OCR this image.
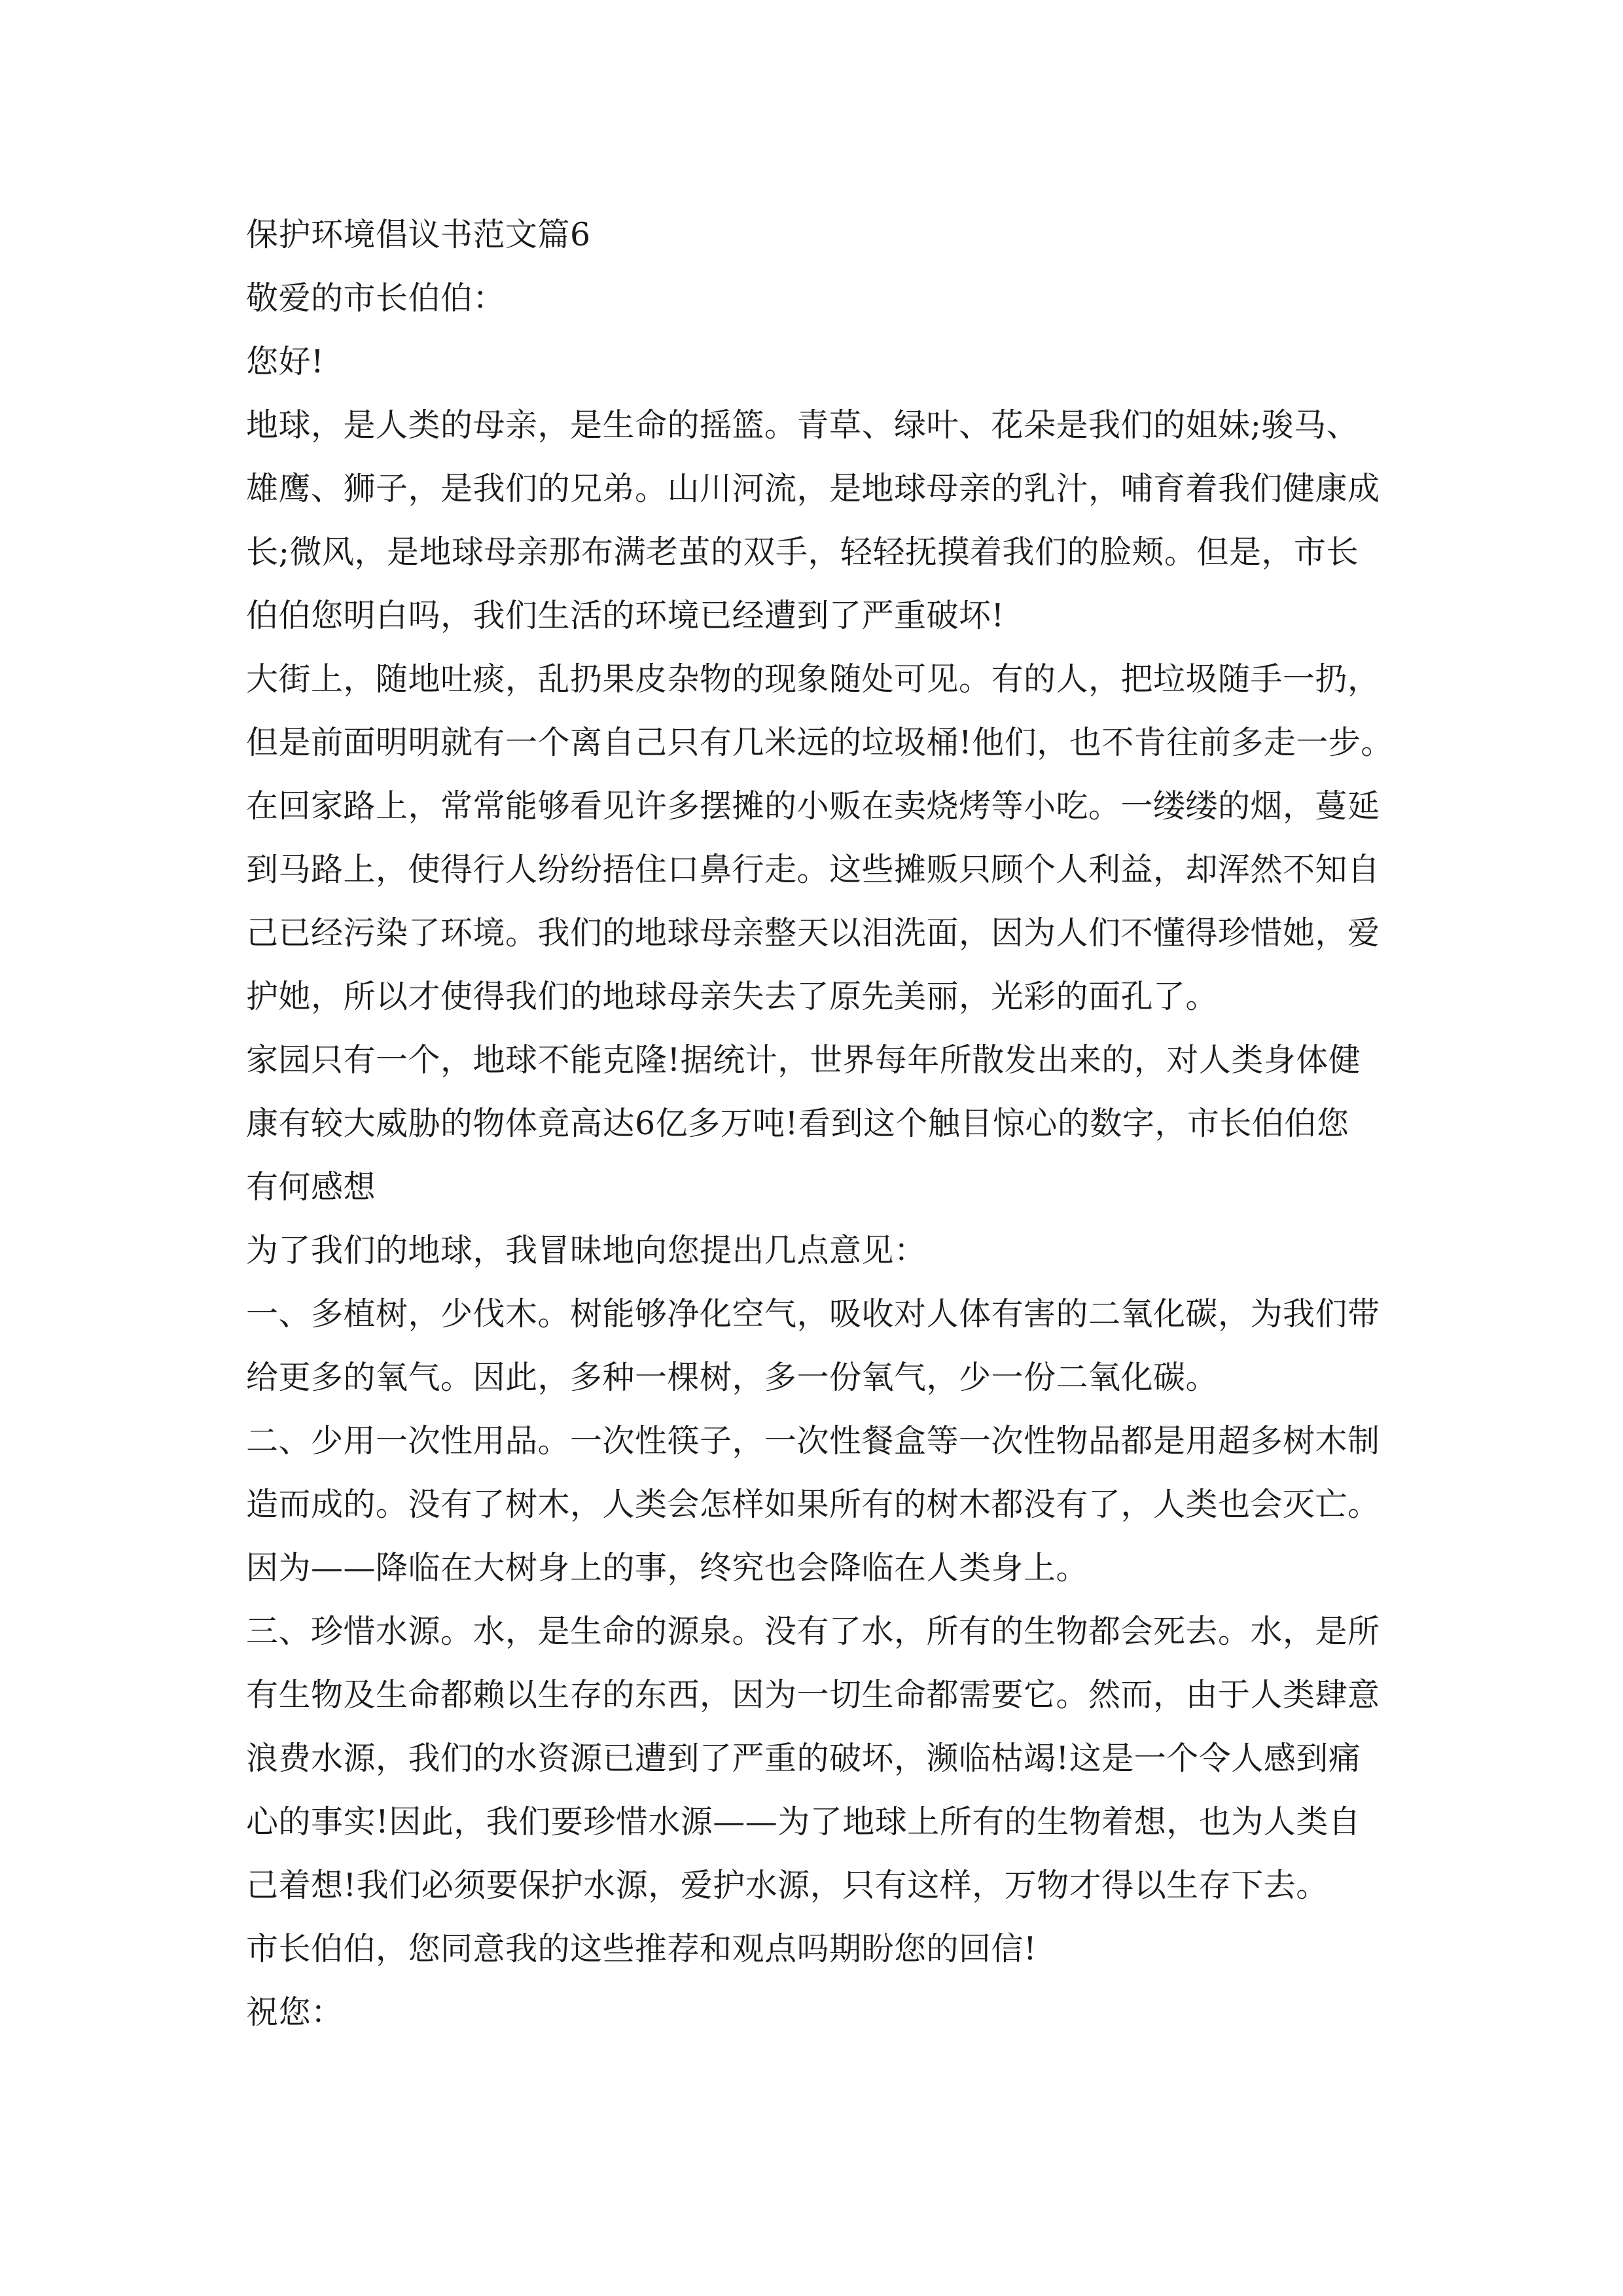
保护环境倡议书范文篇6

敬爱的市长伯伯：

您好!

地球，是人类的母亲，是生命的摇篮。青草、绿叶、花朵是我们的姐妹;骏马、
雄鹰、狮子，是我们的兄弟。山川河流，是地球母亲的乳汁，哺育着我们健康成
长;微风，是地球母亲那布满老茧的双手，轻轻抚摸着我们的脸颊。但是，市长
伯伯您明白吗，我们生活的环境已经遭到了严重破坏!

大街上，随地吐痰，乱扔果皮杂物的现象随处可见。有的人，把垃圾随手一扔，
但是前面明明就有一个离自己只有几米远的垃圾桶!他们，也不肯往前多走一步。
在回家路上，常常能够看见许多摆摊的小贩在卖烧烤等小吃。一缕缕的烟，蔓延
到马路上，使得行人纷纷捂住口鼻行走。这些摊贩只顾个人利益，却浑然不知自
己已经污染了环境。我们的地球母亲整天以泪洗面，因为人们不懂得珍惜她，爱
护她，所以才使得我们的地球母亲失去了原先美丽，光彩的面孔了。

家园只有一个，地球不能克隆!据统计，世界每年所散发出来的，对人类身体健
康有较大威胁的物体竟高达6亿多万吨!看到这个触目惊心的数字，市长伯伯您
有何感想

为了我们的地球，我冒昧地向您提出几点意见：

一、多植树，少伐木。树能够净化空气，吸收对人体有害的二氧化碳，为我们带
给更多的氧气。因此，多种一棵树，多一份氧气，少一份二氧化碳。

二、少用一次性用品。一次性筷子，一次性餐盒等一次性物品都是用超多树木制
造而成的。没有了树木，人类会怎样如果所有的树木都没有了，人类也会灭亡。
因为——降临在大树身上的事，终究也会降临在人类身上。

三、珍惜水源。水，是生命的源泉。没有了水，所有的生物都会死去。水，是所
有生物及生命都赖以生存的东西，因为一切生命都需要它。然而，由于人类肆意
浪费水源，我们的水资源已遭到了严重的破坏，濒临枯竭!这是一个令人感到痛
心的事实!因此，我们要珍惜水源——为了地球上所有的生物着想，也为人类自
己着想!我们必须要保护水源，爱护水源，只有这样，万物才得以生存下去。

市长伯伯，您同意我的这些推荐和观点吗期盼您的回信!

祝您：
